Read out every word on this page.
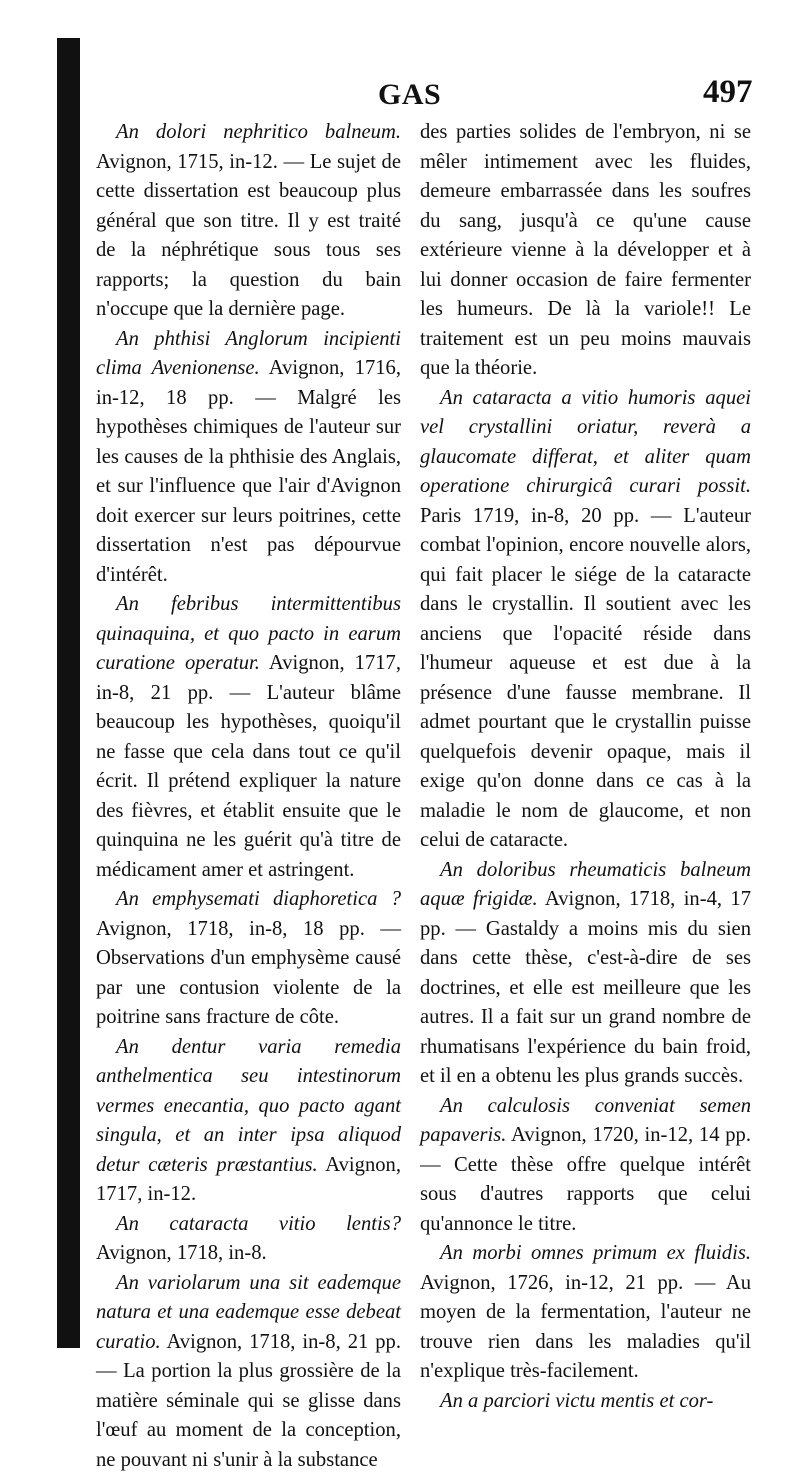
GAS	497

An dolori nephritico balneum. Avignon, 1715, in-12. — Le sujet de cette dissertation est beaucoup plus général que son titre. Il y est traité de la néphrétique sous tous ses rapports; la question du bain n'occupe que la dernière page.

An phthisi Anglorum incipienti clima Avenionense. Avignon, 1716, in-12, 18 pp. — Malgré les hypothèses chimiques de l'auteur sur les causes de la phthisie des Anglais, et sur l'influence que l'air d'Avignon doit exercer sur leurs poitrines, cette dissertation n'est pas dépourvue d'intérêt.

An febribus intermittentibus quinaquina, et quo pacto in earum curatione operatur. Avignon, 1717, in-8, 21 pp. — L'auteur blâme beaucoup les hypothèses, quoiqu'il ne fasse que cela dans tout ce qu'il écrit. Il prétend expliquer la nature des fièvres, et établit ensuite que le quinquina ne les guérit qu'à titre de médicament amer et astringent.

An emphysemati diaphoretica ? Avignon, 1718, in-8, 18 pp. — Observations d'un emphysème causé par une contusion violente de la poitrine sans fracture de côte.

An dentur varia remedia anthelmentica seu intestinorum vermes enecantia, quo pacto agant singula, et an inter ipsa aliquod detur cæteris præstantius. Avignon, 1717, in-12.

An cataracta vitio lentis? Avignon, 1718, in-8.

An variolarum una sit eademque natura et una eademque esse debeat curatio. Avignon, 1718, in-8, 21 pp. — La portion la plus grossière de la matière séminale qui se glisse dans l'œuf au moment de la conception, ne pouvant ni s'unir à la substance

des parties solides de l'embryon, ni se mêler intimement avec les fluides, demeure embarrassée dans les soufres du sang, jusqu'à ce qu'une cause extérieure vienne à la développer et à lui donner occasion de faire fermenter les humeurs. De là la variole!! Le traitement est un peu moins mauvais que la théorie.

An cataracta a vitio humoris aquei vel crystallini oriatur, reverà a glaucomate differat, et aliter quam operatione chirurgicâ curari possit. Paris 1719, in-8, 20 pp. — L'auteur combat l'opinion, encore nouvelle alors, qui fait placer le siége de la cataracte dans le crystallin. Il soutient avec les anciens que l'opacité réside dans l'humeur aqueuse et est due à la présence d'une fausse membrane. Il admet pourtant que le crystallin puisse quelquefois devenir opaque, mais il exige qu'on donne dans ce cas à la maladie le nom de glaucome, et non celui de cataracte.

An doloribus rheumaticis balneum aquæ frigidæ. Avignon, 1718, in-4, 17 pp. — Gastaldy a moins mis du sien dans cette thèse, c'est-à-dire de ses doctrines, et elle est meilleure que les autres. Il a fait sur un grand nombre de rhumatisans l'expérience du bain froid, et il en a obtenu les plus grands succès.

An calculosis conveniat semen papaveris. Avignon, 1720, in-12, 14 pp. — Cette thèse offre quelque intérêt sous d'autres rapports que celui qu'annonce le titre.

An morbi omnes primum ex fluidis. Avignon, 1726, in-12, 21 pp. — Au moyen de la fermentation, l'auteur ne trouve rien dans les maladies qu'il n'explique très-facilement.

An a parciori victu mentis et cor-
